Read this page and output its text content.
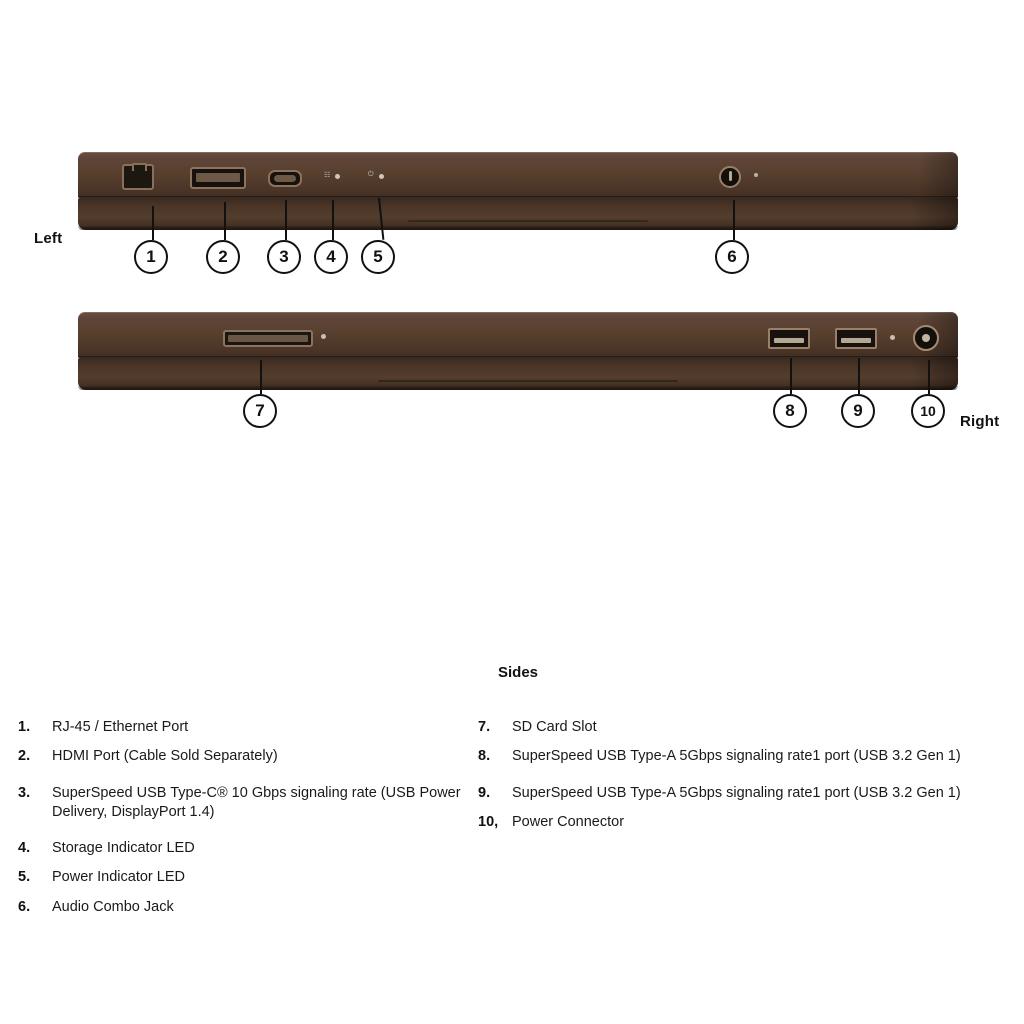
Left
☷	⏻
1	2	3	4	5	6
Right
7	8	9	10
Sides
1.	RJ-45 / Ethernet Port
2.	HDMI Port (Cable Sold Separately)
3.	SuperSpeed USB Type-C® 10 Gbps signaling rate (USB Power Delivery, DisplayPort 1.4)
4.	Storage Indicator LED
5.	Power Indicator LED
6.	Audio Combo Jack
7.	SD Card Slot
8.	SuperSpeed USB Type-A 5Gbps signaling rate1 port (USB 3.2 Gen 1)
9.	SuperSpeed USB Type-A 5Gbps signaling rate1 port (USB 3.2 Gen 1)
10, Power Connector
